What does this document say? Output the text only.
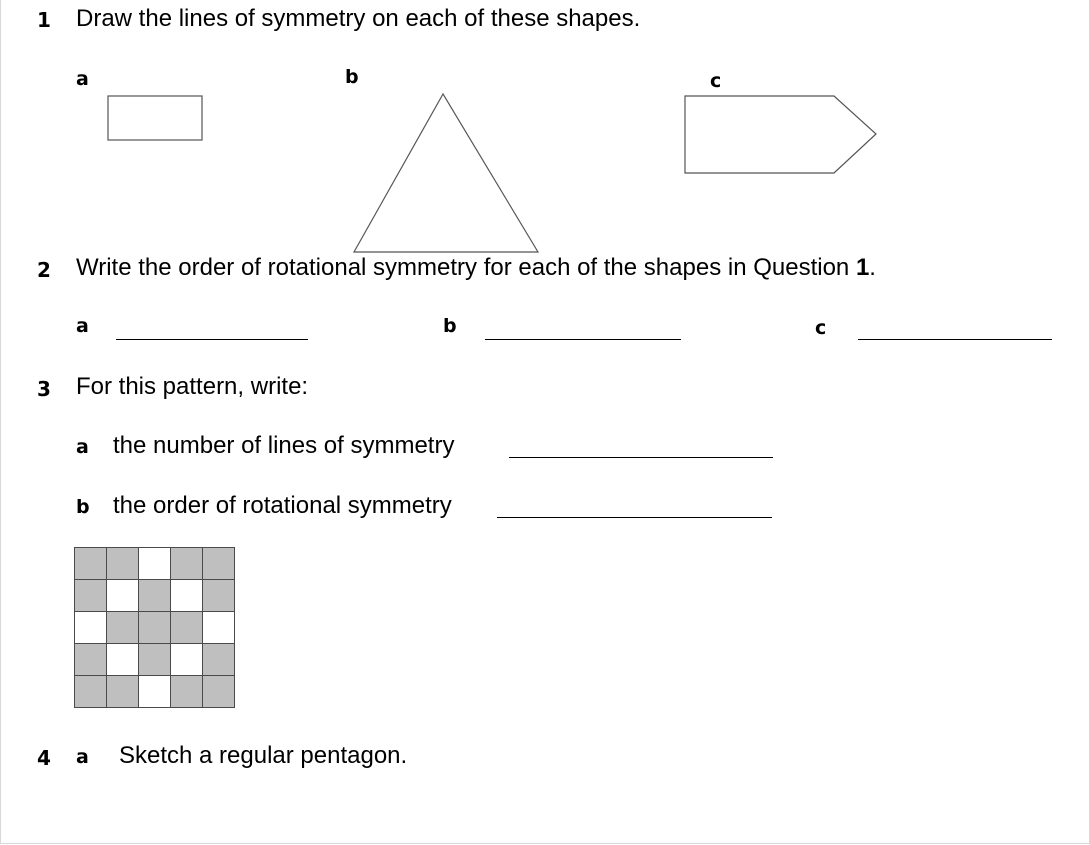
1 Draw the lines of symmetry on each of these shapes.
a	b	c
2 Write the order of rotational symmetry for each of the shapes in Question 1.
a	b	c
3 For this pattern, write:
a the number of lines of symmetry
b the order of rotational symmetry
4 a Sketch a regular pentagon.
